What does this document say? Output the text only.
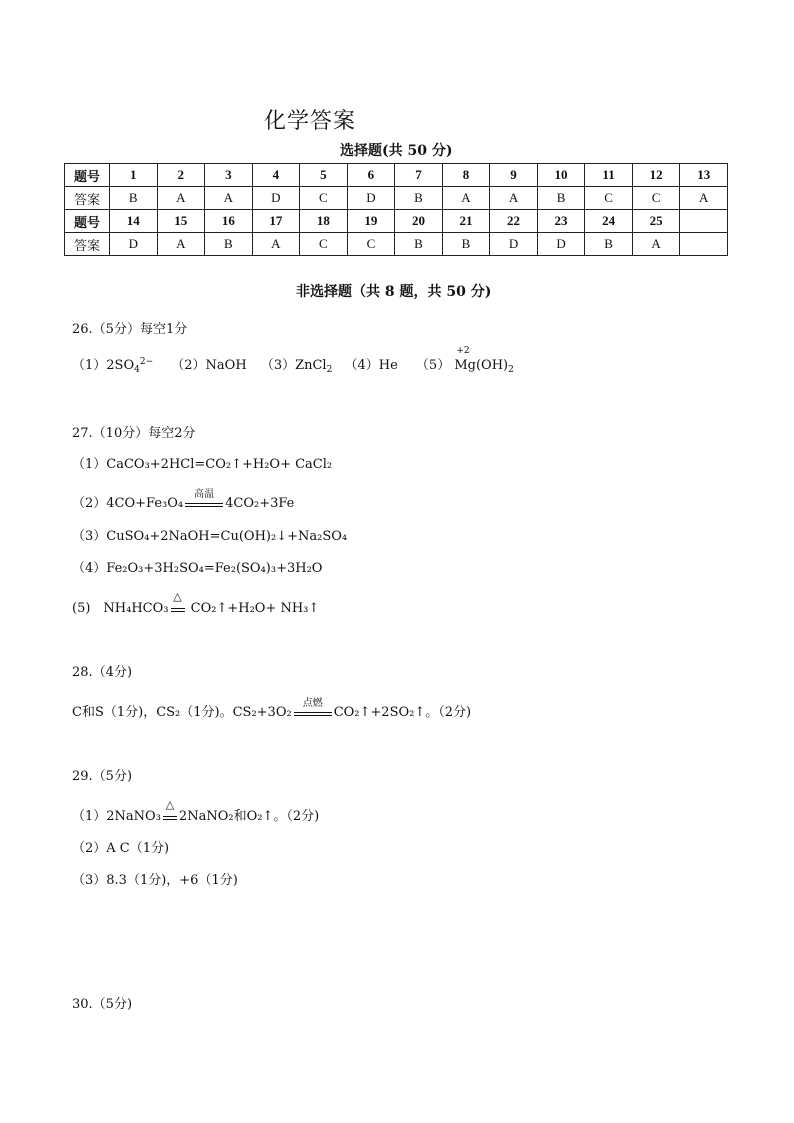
化学答案
选择题(共 50 分)
题号	1	2	3	4	5	6	7	8	9	10	11	12	13
答案	B	A	A	D	C	D	B	A	A	B	C	C	A
题号	14	15	16	17	18	19	20	21	22	23	24	25	
答案	D	A	B	A	C	C	B	B	D	D	B	A	
非选择题（共 8 题，共 50 分)
26.（5分）每空1分
$(1)2SO_4^{2-}$ （2）NaOH （3）ZnCl$_2$ （4）He （5）
+2
$Mg(OH)_2$
27.（10分）每空2分
（1）CaCO₃+2HCl=CO₂↑+H₂O+ CaCl₂
（2）4CO+Fe₃O₄
高温
4CO₂+3Fe
（3）CuSO₄+2NaOH=Cu(OH)₂↓+Na₂SO₄
（4）Fe₂O₃+3H₂SO₄=Fe₂(SO₄)₃+3H₂O
(5)　NH₄HCO₃
△
CO₂↑+H₂O+ NH₃↑
28.（4分)
C和S（1分)，CS₂（1分)。CS₂+3O₂
点燃
CO₂↑+2SO₂↑。（2分)
29.（5分)
（1）2NaNO₃
△
2NaNO₂和O₂↑。（2分)
（2）A C（1分)
（3）8.3（1分)，+6（1分)
30.（5分)
